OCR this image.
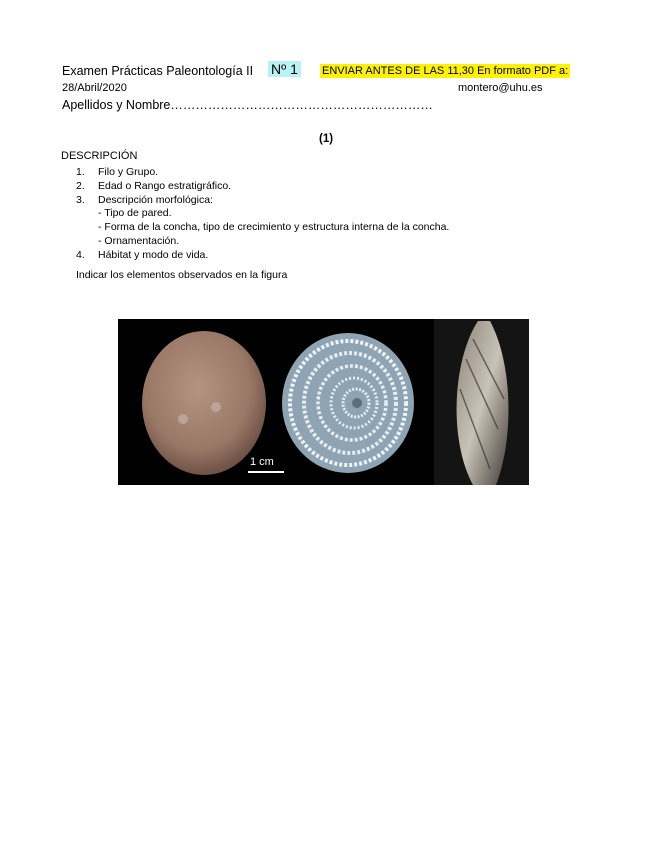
Examen Prácticas Paleontología II Nº 1 ENVIAR ANTES DE LAS 11,30 En formato PDF a:
28/Abril/2020	montero@uhu.es
Apellidos y Nombre………………………………………………………
(1)
DESCRIPCIÓN
1. Filo y Grupo.
2. Edad o Rango estratigráfico.
3. Descripción morfológica:
- Tipo de pared.
- Forma de la concha, tipo de crecimiento y estructura interna de la concha.
- Ornamentación.
4. Hábitat y modo de vida.
Indicar los elementos observados en la figura
1 cm
